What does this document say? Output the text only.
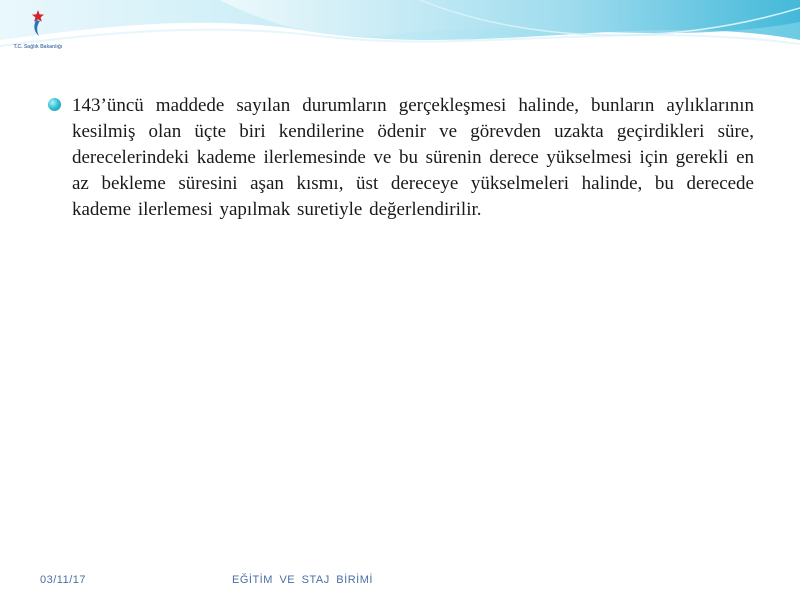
T.C. Sağlık Bakanlığı

143’üncü maddede sayılan durumların gerçekleşmesi halinde, bunların aylıklarının kesilmiş olan üçte biri kendilerine ödenir ve görevden uzakta geçirdikleri süre, derecelerindeki kademe ilerlemesinde ve bu sürenin derece yükselmesi için gerekli en az bekleme süresini aşan kısmı, üst dereceye yükselmeleri halinde, bu derecede kademe ilerlemesi yapılmak suretiyle değerlendirilir.

03/11/17	EĞİTİM VE STAJ BİRİMİ
